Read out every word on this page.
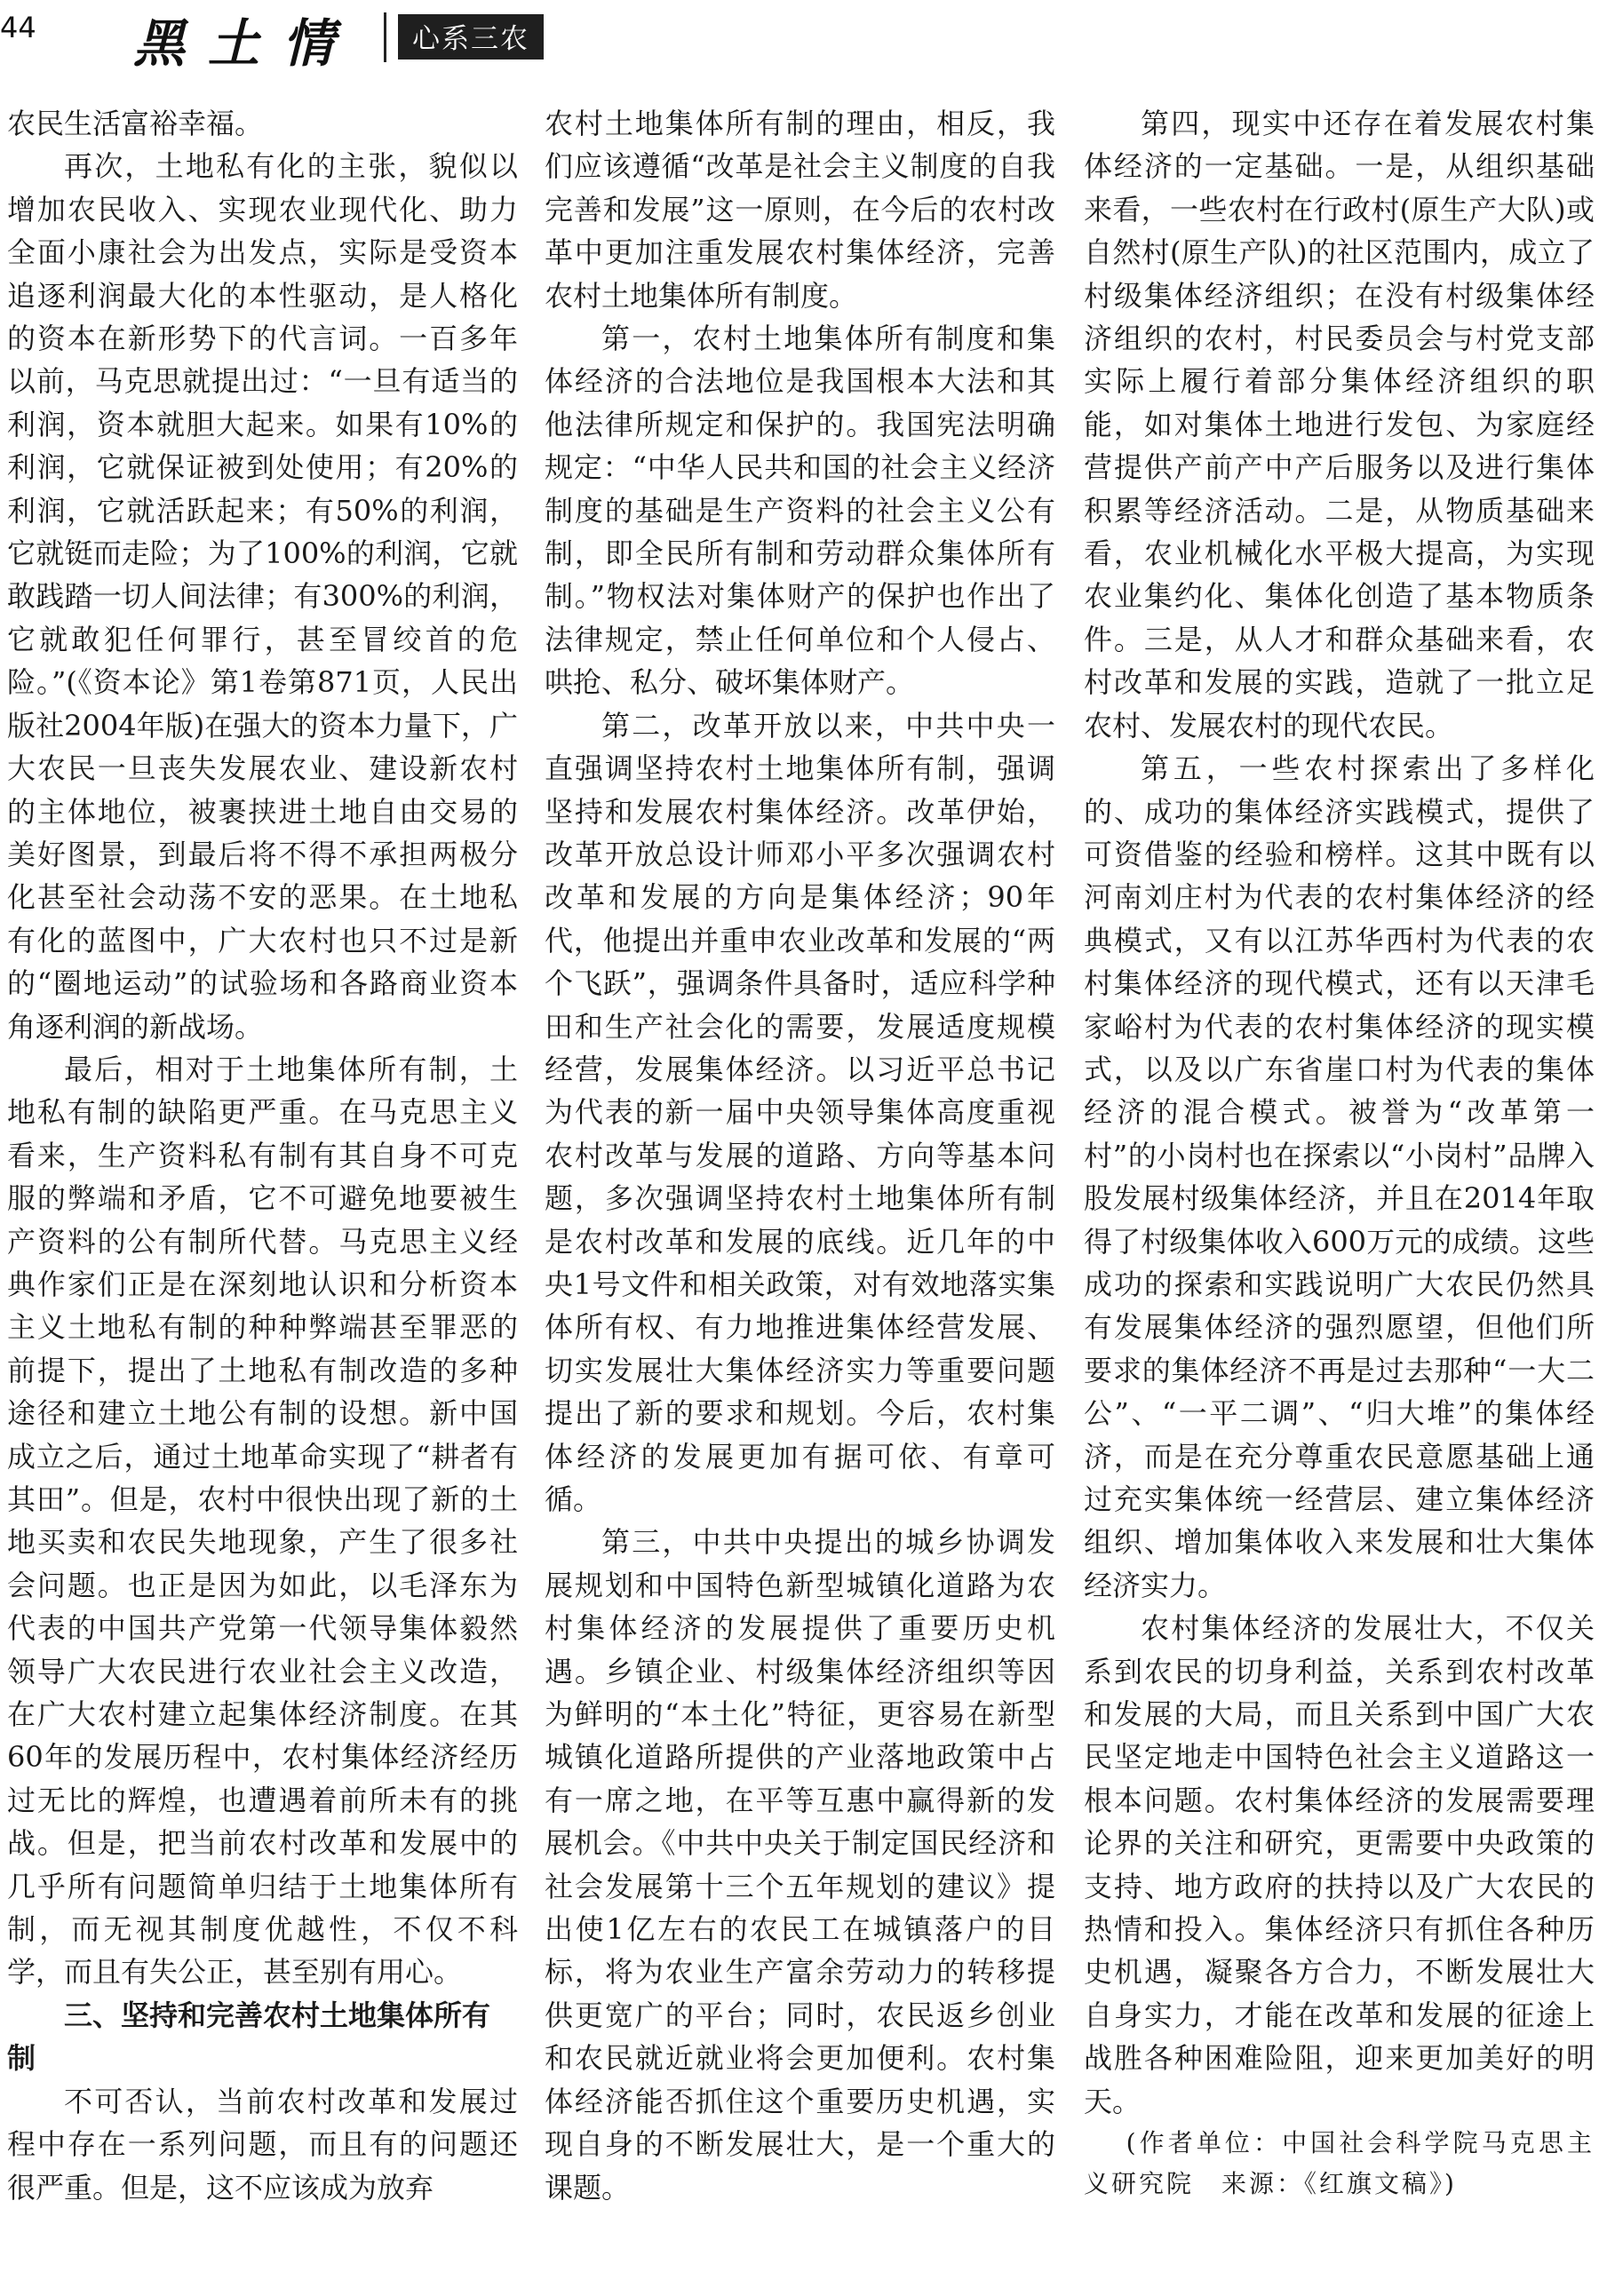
44 黑土情	心系三农

农民生活富裕幸福。

再次，土地私有化的主张，貌似以增加农民收入、实现农业现代化、助力全面小康社会为出发点，实际是受资本追逐利润最大化的本性驱动，是人格化的资本在新形势下的代言词。一百多年以前，马克思就提出过：“一旦有适当的利润，资本就胆大起来。如果有10%的利润，它就保证被到处使用；有20%的利润，它就活跃起来；有50%的利润，它就铤而走险；为了100%的利润，它就敢践踏一切人间法律；有300%的利润，它就敢犯任何罪行，甚至冒绞首的危险。”(《资本论》第1卷第871页，人民出版社2004年版)在强大的资本力量下，广大农民一旦丧失发展农业、建设新农村的主体地位，被裹挟进土地自由交易的美好图景，到最后将不得不承担两极分化甚至社会动荡不安的恶果。在土地私有化的蓝图中，广大农村也只不过是新的“圈地运动”的试验场和各路商业资本角逐利润的新战场。

最后，相对于土地集体所有制，土地私有制的缺陷更严重。在马克思主义看来，生产资料私有制有其自身不可克服的弊端和矛盾，它不可避免地要被生产资料的公有制所代替。马克思主义经典作家们正是在深刻地认识和分析资本主义土地私有制的种种弊端甚至罪恶的前提下，提出了土地私有制改造的多种途径和建立土地公有制的设想。新中国成立之后，通过土地革命实现了“耕者有其田”。但是，农村中很快出现了新的土地买卖和农民失地现象，产生了很多社会问题。也正是因为如此，以毛泽东为代表的中国共产党第一代领导集体毅然领导广大农民进行农业社会主义改造，在广大农村建立起集体经济制度。在其60年的发展历程中，农村集体经济经历过无比的辉煌，也遭遇着前所未有的挑战。但是，把当前农村改革和发展中的几乎所有问题简单归结于土地集体所有制，而无视其制度优越性，不仅不科学，而且有失公正，甚至别有用心。

三、坚持和完善农村土地集体所有制

不可否认，当前农村改革和发展过程中存在一系列问题，而且有的问题还很严重。但是，这不应该成为放弃

农村土地集体所有制的理由，相反，我们应该遵循“改革是社会主义制度的自我完善和发展”这一原则，在今后的农村改革中更加注重发展农村集体经济，完善农村土地集体所有制度。

第一，农村土地集体所有制度和集体经济的合法地位是我国根本大法和其他法律所规定和保护的。我国宪法明确规定：“中华人民共和国的社会主义经济制度的基础是生产资料的社会主义公有制，即全民所有制和劳动群众集体所有制。”物权法对集体财产的保护也作出了法律规定，禁止任何单位和个人侵占、哄抢、私分、破坏集体财产。

第二，改革开放以来，中共中央一直强调坚持农村土地集体所有制，强调坚持和发展农村集体经济。改革伊始，改革开放总设计师邓小平多次强调农村改革和发展的方向是集体经济；90年代，他提出并重申农业改革和发展的“两个飞跃”，强调条件具备时，适应科学种田和生产社会化的需要，发展适度规模经营，发展集体经济。以习近平总书记为代表的新一届中央领导集体高度重视农村改革与发展的道路、方向等基本问题，多次强调坚持农村土地集体所有制是农村改革和发展的底线。近几年的中央1号文件和相关政策，对有效地落实集体所有权、有力地推进集体经营发展、切实发展壮大集体经济实力等重要问题提出了新的要求和规划。今后，农村集体经济的发展更加有据可依、有章可循。

第三，中共中央提出的城乡协调发展规划和中国特色新型城镇化道路为农村集体经济的发展提供了重要历史机遇。乡镇企业、村级集体经济组织等因为鲜明的“本土化”特征，更容易在新型城镇化道路所提供的产业落地政策中占有一席之地，在平等互惠中赢得新的发展机会。《中共中央关于制定国民经济和社会发展第十三个五年规划的建议》提出使1亿左右的农民工在城镇落户的目标，将为农业生产富余劳动力的转移提供更宽广的平台；同时，农民返乡创业和农民就近就业将会更加便利。农村集体经济能否抓住这个重要历史机遇，实现自身的不断发展壮大，是一个重大的课题。

第四，现实中还存在着发展农村集体经济的一定基础。一是，从组织基础来看，一些农村在行政村(原生产大队)或自然村(原生产队)的社区范围内，成立了村级集体经济组织；在没有村级集体经济组织的农村，村民委员会与村党支部实际上履行着部分集体经济组织的职能，如对集体土地进行发包、为家庭经营提供产前产中产后服务以及进行集体积累等经济活动。二是，从物质基础来看，农业机械化水平极大提高，为实现农业集约化、集体化创造了基本物质条件。三是，从人才和群众基础来看，农村改革和发展的实践，造就了一批立足农村、发展农村的现代农民。

第五，一些农村探索出了多样化的、成功的集体经济实践模式，提供了可资借鉴的经验和榜样。这其中既有以河南刘庄村为代表的农村集体经济的经典模式，又有以江苏华西村为代表的农村集体经济的现代模式，还有以天津毛家峪村为代表的农村集体经济的现实模式，以及以广东省崖口村为代表的集体经济的混合模式。被誉为“改革第一村”的小岗村也在探索以“小岗村”品牌入股发展村级集体经济，并且在2014年取得了村级集体收入600万元的成绩。这些成功的探索和实践说明广大农民仍然具有发展集体经济的强烈愿望，但他们所要求的集体经济不再是过去那种“一大二公”、“一平二调”、“归大堆”的集体经济，而是在充分尊重农民意愿基础上通过充实集体统一经营层、建立集体经济组织、增加集体收入来发展和壮大集体经济实力。

农村集体经济的发展壮大，不仅关系到农民的切身利益，关系到农村改革和发展的大局，而且关系到中国广大农民坚定地走中国特色社会主义道路这一根本问题。农村集体经济的发展需要理论界的关注和研究，更需要中央政策的支持、地方政府的扶持以及广大农民的热情和投入。集体经济只有抓住各种历史机遇，凝聚各方合力，不断发展壮大自身实力，才能在改革和发展的征途上战胜各种困难险阻，迎来更加美好的明天。

(作者单位：中国社会科学院马克思主义研究院　来源：《红旗文稿》)
